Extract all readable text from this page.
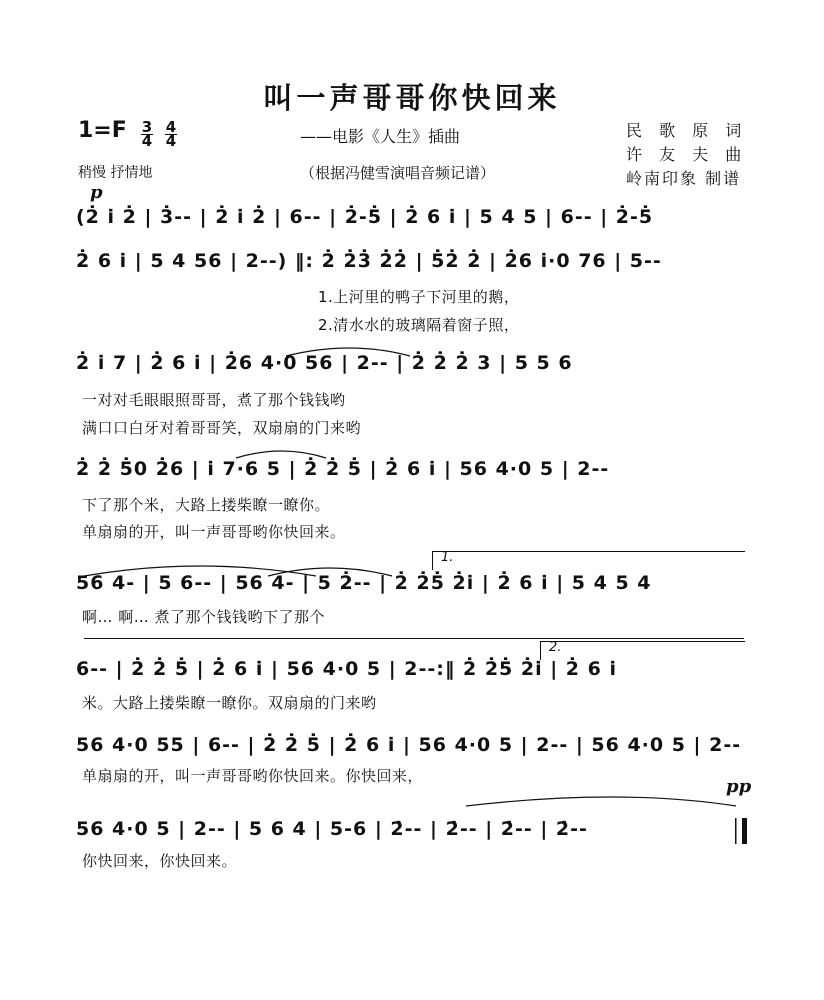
叫一声哥哥你快回来
1=F 3
4
4
4	——电影《人生》插曲
稍慢 抒情地	（根据冯健雪演唱音频记谱）
民 歌 原 词
许 友 夫 曲
岭南印象 制谱
p
pp
(2̇ i̇ 2̇ | 3̇-- | 2̇ i̇ 2̇ | 6-- | 2̇-5̇ | 2̇ 6 i̇ | 5 4 5 | 6-- | 2̇-5̇
2̇ 6 i̇ | 5 4 56 | 2--) ‖: 2̇ 2̇3̇ 2̇2̇ | 5̇2̇ 2̇ | 2̇6 i̇·0 76 | 5--
1.上河里的鸭子下河里的鹅，
2.清水水的玻璃隔着窗子照，
2̇ i̇ 7 | 2̇ 6 i̇ | 2̇6 4·0 56 | 2-- | 2̇ 2̇ 2̇ 3 | 5 5 6
一对对毛眼眼照哥哥，煮了那个钱钱哟
满口口白牙对着哥哥笑，双扇扇的门来哟
2̇ 2̇ 5̇0 2̇6 | i̇ 7·6 5 | 2̇ 2̇ 5̇ | 2̇ 6 i̇ | 56 4·0 5 | 2--
下了那个米，大路上搂柴瞭一瞭你。
单扇扇的开，叫一声哥哥哟你快回来。
1.
56 4- | 5 6-- | 56 4- | 5 2̇-- | 2̇ 2̇5̇ 2̇i̇ | 2̇ 6 i̇ | 5 4 5 4
啊… 啊… 煮了那个钱钱哟下了那个
2.
6-- | 2̇ 2̇ 5̇ | 2̇ 6 i̇ | 56 4·0 5 | 2--:‖ 2̇ 2̇5̇ 2̇i̇ | 2̇ 6 i̇
米。大路上搂柴瞭一瞭你。双扇扇的门来哟
56 4·0 55 | 6-- | 2̇ 2̇ 5̇ | 2̇ 6 i̇ | 56 4·0 5 | 2-- | 56 4·0 5 | 2--
单扇扇的开，叫一声哥哥哟你快回来。你快回来，
56 4·0 5 | 2-- | 5 6 4 | 5-6 | 2̇-- | 2̇-- | 2̇-- | 2̇--
你快回来，你快回来。
